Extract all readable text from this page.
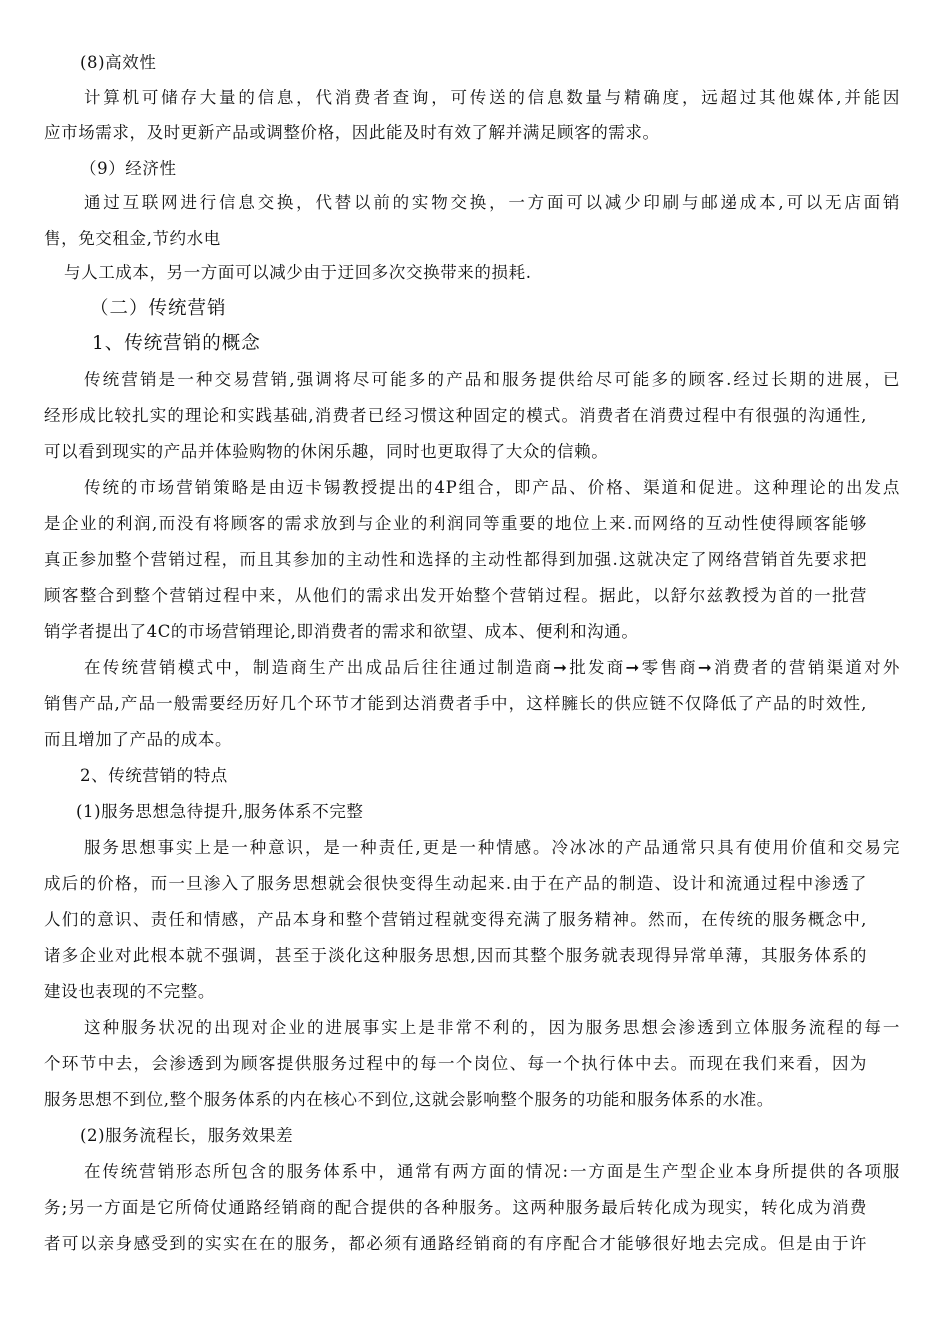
(8)高效性

计算机可储存大量的信息，代消费者查询，可传送的信息数量与精确度，远超过其他媒体,并能因

应市场需求，及时更新产品或调整价格，因此能及时有效了解并满足顾客的需求。

（9）经济性

通过互联网进行信息交换，代替以前的实物交换，一方面可以减少印刷与邮递成本,可以无店面销

售，免交租金,节约水电

与人工成本，另一方面可以减少由于迂回多次交换带来的损耗.

（二）传统营销

1、传统营销的概念

传统营销是一种交易营销,强调将尽可能多的产品和服务提供给尽可能多的顾客.经过长期的进展，已

经形成比较扎实的理论和实践基础,消费者已经习惯这种固定的模式。消费者在消费过程中有很强的沟通性,

可以看到现实的产品并体验购物的休闲乐趣，同时也更取得了大众的信赖。

传统的市场营销策略是由迈卡锡教授提出的4P组合，即产品、价格、渠道和促进。这种理论的出发点

是企业的利润,而没有将顾客的需求放到与企业的利润同等重要的地位上来.而网络的互动性使得顾客能够

真正参加整个营销过程，而且其参加的主动性和选择的主动性都得到加强.这就决定了网络营销首先要求把

顾客整合到整个营销过程中来，从他们的需求出发开始整个营销过程。据此，以舒尔兹教授为首的一批营

销学者提出了4C的市场营销理论,即消费者的需求和欲望、成本、便利和沟通。

在传统营销模式中，制造商生产出成品后往往通过制造商➞批发商➞零售商➞消费者的营销渠道对外

销售产品,产品一般需要经历好几个环节才能到达消费者手中，这样臃长的供应链不仅降低了产品的时效性,

而且增加了产品的成本。

2、传统营销的特点

(1)服务思想急待提升,服务体系不完整

服务思想事实上是一种意识，是一种责任,更是一种情感。冷冰冰的产品通常只具有使用价值和交易完

成后的价格，而一旦渗入了服务思想就会很快变得生动起来.由于在产品的制造、设计和流通过程中渗透了

人们的意识、责任和情感，产品本身和整个营销过程就变得充满了服务精神。然而，在传统的服务概念中,

诸多企业对此根本就不强调，甚至于淡化这种服务思想,因而其整个服务就表现得异常单薄，其服务体系的

建设也表现的不完整。

这种服务状况的出现对企业的进展事实上是非常不利的，因为服务思想会渗透到立体服务流程的每一

个环节中去，会渗透到为顾客提供服务过程中的每一个岗位、每一个执行体中去。而现在我们来看，因为

服务思想不到位,整个服务体系的内在核心不到位,这就会影响整个服务的功能和服务体系的水准。

(2)服务流程长，服务效果差

在传统营销形态所包含的服务体系中，通常有两方面的情况:一方面是生产型企业本身所提供的各项服

务;另一方面是它所倚仗通路经销商的配合提供的各种服务。这两种服务最后转化成为现实，转化成为消费

者可以亲身感受到的实实在在的服务，都必须有通路经销商的有序配合才能够很好地去完成。但是由于许
